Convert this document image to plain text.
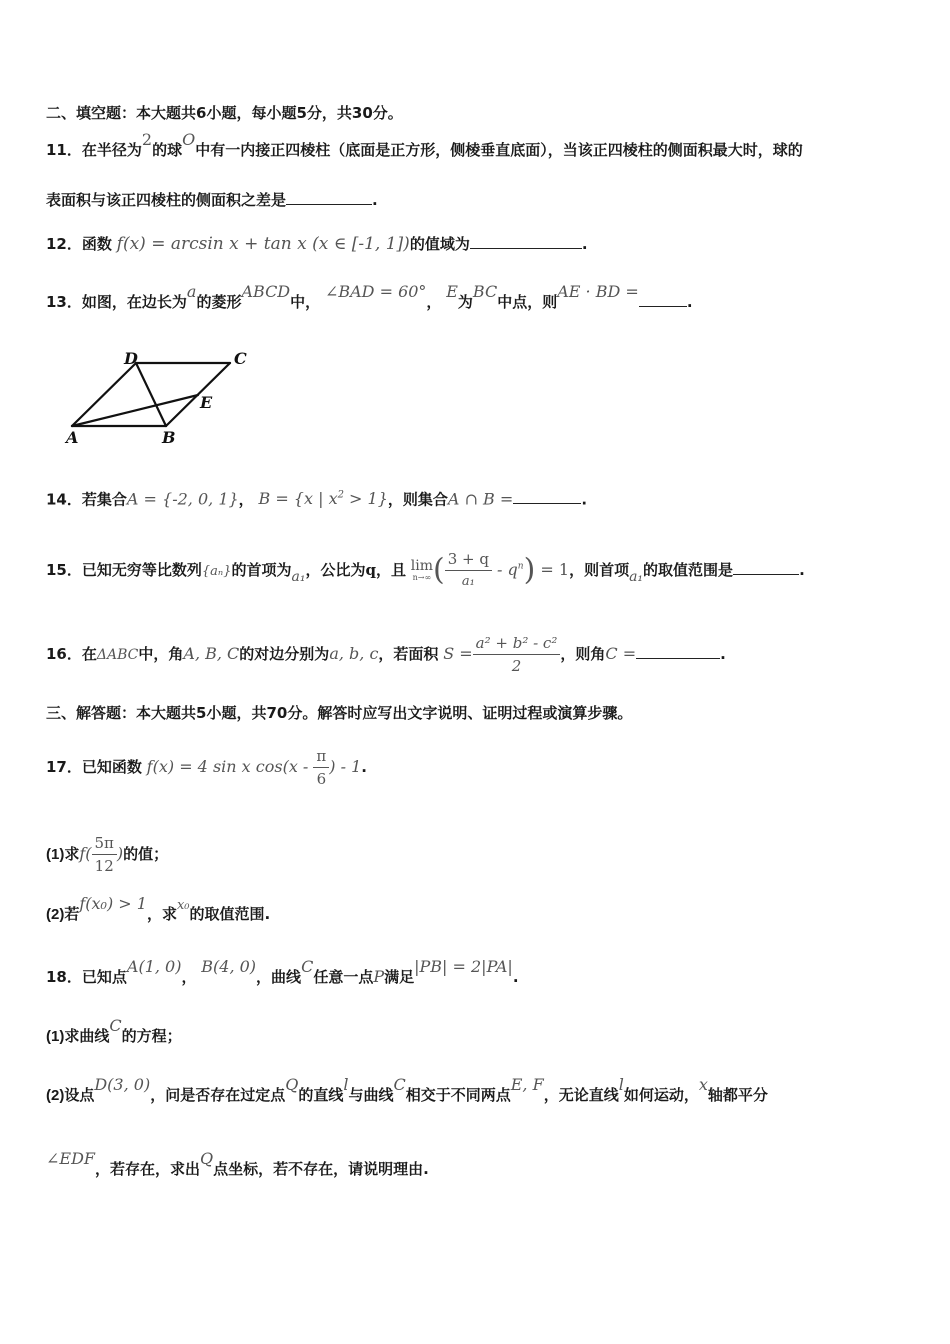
二、填空题：本大题共6小题，每小题5分，共30分。
11．在半径为2的球O中有一内接正四棱柱（底面是正方形，侧棱垂直底面），当该正四棱柱的侧面积最大时，球的
表面积与该正四棱柱的侧面积之差是	.
12．函数 f(x) = arcsin x + tan x (x ∈ [-1, 1])的值域为	.
13．如图，在边长为a的菱形ABCD中， ∠BAD = 60°， E为BC中点，则AE · BD =.
A	B
C
D
E
14．若集合A = {-2, 0, 1}， B = {x | $x^2 > 1$}，则集合A ∩ B =	.
15．已知无穷等比数列{aₙ}的首项为a₁，公比为q，且 lim
n→∞ ( $\frac{3 + q}{\text{a₁}} - q^n) = 1$，则首项a₁的取值范围是	.
16．在ΔABC中，角A, B, C的对边分别为a, b, c，若面积 $S = \frac{\text{a² + b² - c²}}{2}$ ，则角C =	.
三、解答题：本大题共5小题，共70分。解答时应写出文字说明、证明过程或演算步骤。
17．已知函数 f(x) = 4 sin x $\cos(x - \frac{\pi}{6}$ ) - 1.
(1)求$f( \frac{5\pi}{12}$ )的值；
(2)若f(x₀) > 1，求x₀的取值范围.
18．已知点A(1, 0)， B(4, 0)，曲线C任意一点P满足|PB| = 2|PA|.
(1)求曲线C的方程；
(2)设点D(3, 0)，问是否存在过定点Q的直线l与曲线C相交于不同两点E, F，无论直线l如何运动，x轴都平分
∠EDF，若存在，求出Q点坐标，若不存在，请说明理由.
